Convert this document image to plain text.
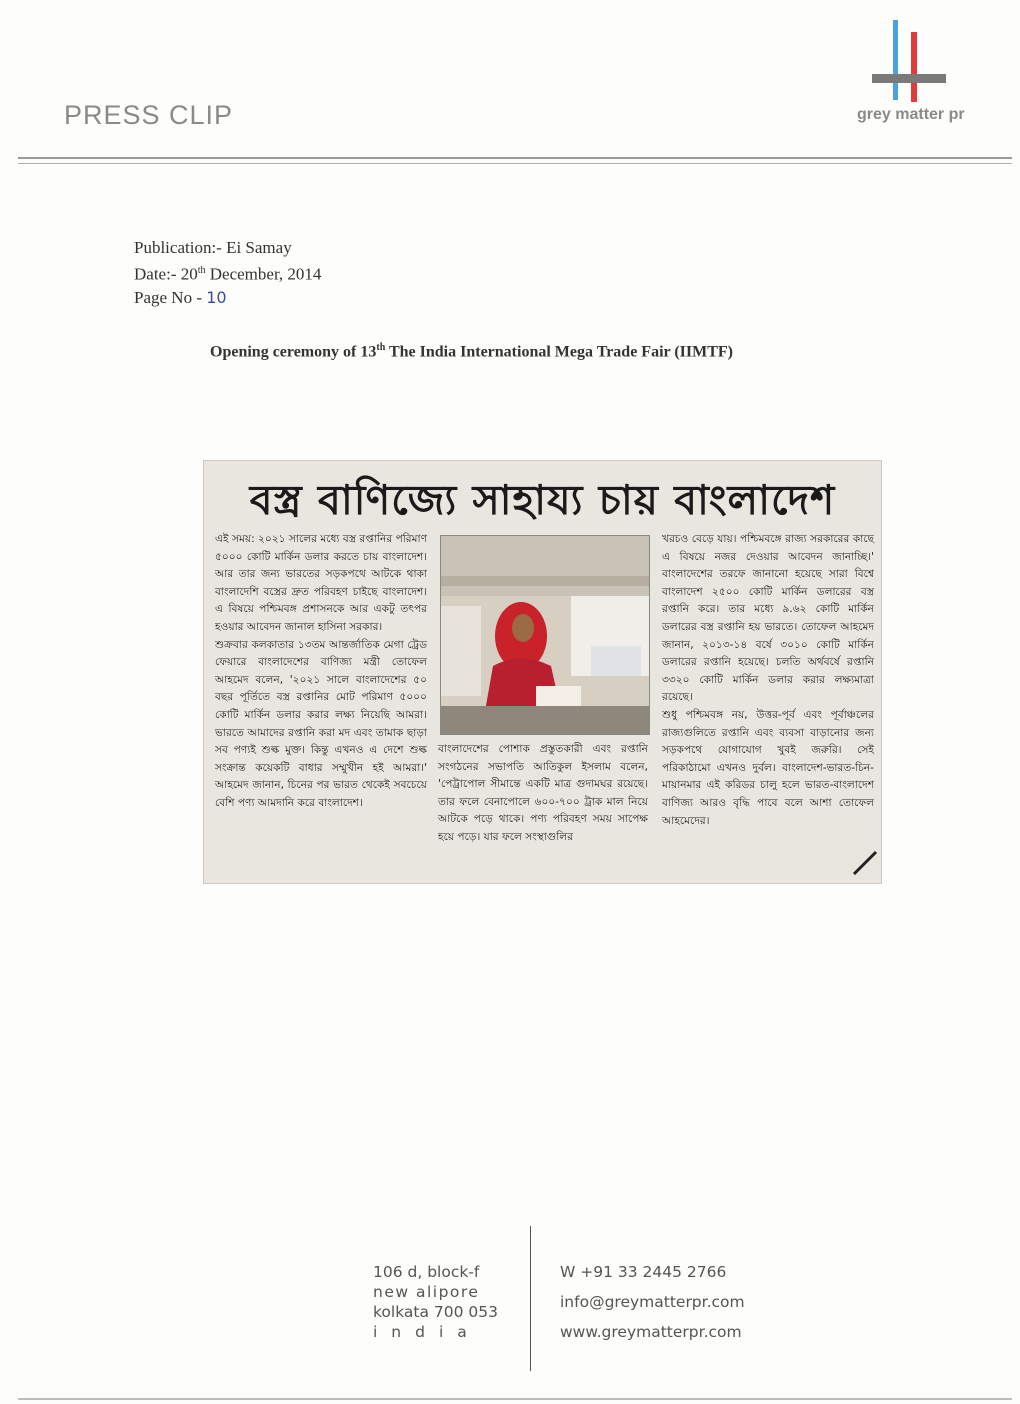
PRESS CLIP	grey matter pr
Publication:- Ei Samay
Date:- 20th December, 2014
Page No - 10
Opening ceremony of 13th The India International Mega Trade Fair (IIMTF)
বস্ত্র বাণিজ্যে সাহায্য চায় বাংলাদেশ

এই সময়: ২০২১ সালের মধ্যে বস্ত্র রপ্তানির পরিমাণ ৫০০০ কোটি মার্কিন ডলার করতে চায় বাংলাদেশ। আর তার জন্য ভারতের সড়কপথে আটকে থাকা বাংলাদেশি বস্ত্রের দ্রুত পরিবহণ চাইছে বাংলাদেশ। এ বিষয়ে পশ্চিমবঙ্গ প্রশাসনকে আর একটু তৎপর হওয়ার আবেদন জানাল হাসিনা সরকার।

শুক্রবার কলকাতার ১৩তম আন্তর্জাতিক মেগা ট্রেড ফেয়ারে বাংলাদেশের বাণিজ্য মন্ত্রী তোফেল আহমেদ বলেন, '২০২১ সালে বাংলাদেশের ৫০ বছর পূর্তিতে বস্ত্র রপ্তানির মোট পরিমাণ ৫০০০ কোটি মার্কিন ডলার করার লক্ষ্য নিয়েছি আমরা। ভারতে আমাদের রপ্তানি করা মদ এবং তামাক ছাড়া সব পণ্যই শুল্ক মুক্ত। কিন্তু এখনও এ দেশে শুল্ক সংক্রান্ত কয়েকটি বাধার সম্মুখীন হই আমরা।' আহমেদ জানান, চিনের পর ভারত থেকেই সবচেয়ে বেশি পণ্য আমদানি করে বাংলাদেশ।

বাংলাদেশের পোশাক প্রস্তুতকারী এবং রপ্তানি সংগঠনের সভাপতি আতিকুল ইসলাম বলেন, 'পেট্রাপোল সীমান্তে একটি মাত্র গুদামঘর রয়েছে। তার ফলে বেনাপোলে ৬০০-৭০০ ট্রাক মাল নিয়ে আটকে পড়ে থাকে। পণ্য পরিবহণ সময় সাপেক্ষ হয়ে পড়ে। যার ফলে সংস্থাগুলির

খরচও বেড়ে যায়। পশ্চিমবঙ্গে রাজ্য সরকারের কাছে এ বিষয়ে নজর দেওয়ার আবেদন জানাচ্ছি।' বাংলাদেশের তরফে জানানো হয়েছে সারা বিশ্বে বাংলাদেশ ২৫০০ কোটি মার্কিন ডলারের বস্ত্র রপ্তানি করে। তার মধ্যে ৯.৬২ কোটি মার্কিন ডলারের বস্ত্র রপ্তানি হয় ভারতে। তোফেল আহমেদ জানান, ২০১৩-১৪ বর্ষে ৩০১০ কোটি মার্কিন ডলারের রপ্তানি হয়েছে। চলতি অর্থবর্ষে রপ্তানি ৩৩২০ কোটি মার্কিন ডলার করার লক্ষ্যমাত্রা রয়েছে।

শুধু পশ্চিমবঙ্গ নয়, উত্তর-পূর্ব এবং পূর্বাঞ্চলের রাজ্যগুলিতে রপ্তানি এবং ব্যবসা বাড়ানোর জন্য সড়কপথে যোগাযোগ খুবই জরুরি। সেই পরিকাঠামো এখনও দুর্বল। বাংলাদেশ-ভারত-চিন-মায়ানমার এই করিডর চালু হলে ভারত-বাংলাদেশ বাণিজ্য আরও বৃদ্ধি পাবে বলে আশা তোফেল আহমেদের।

106 d, block-f
new alipore
kolkata 700 053
india
W +91 33 2445 2766
info@greymatterpr.com
www.greymatterpr.com
